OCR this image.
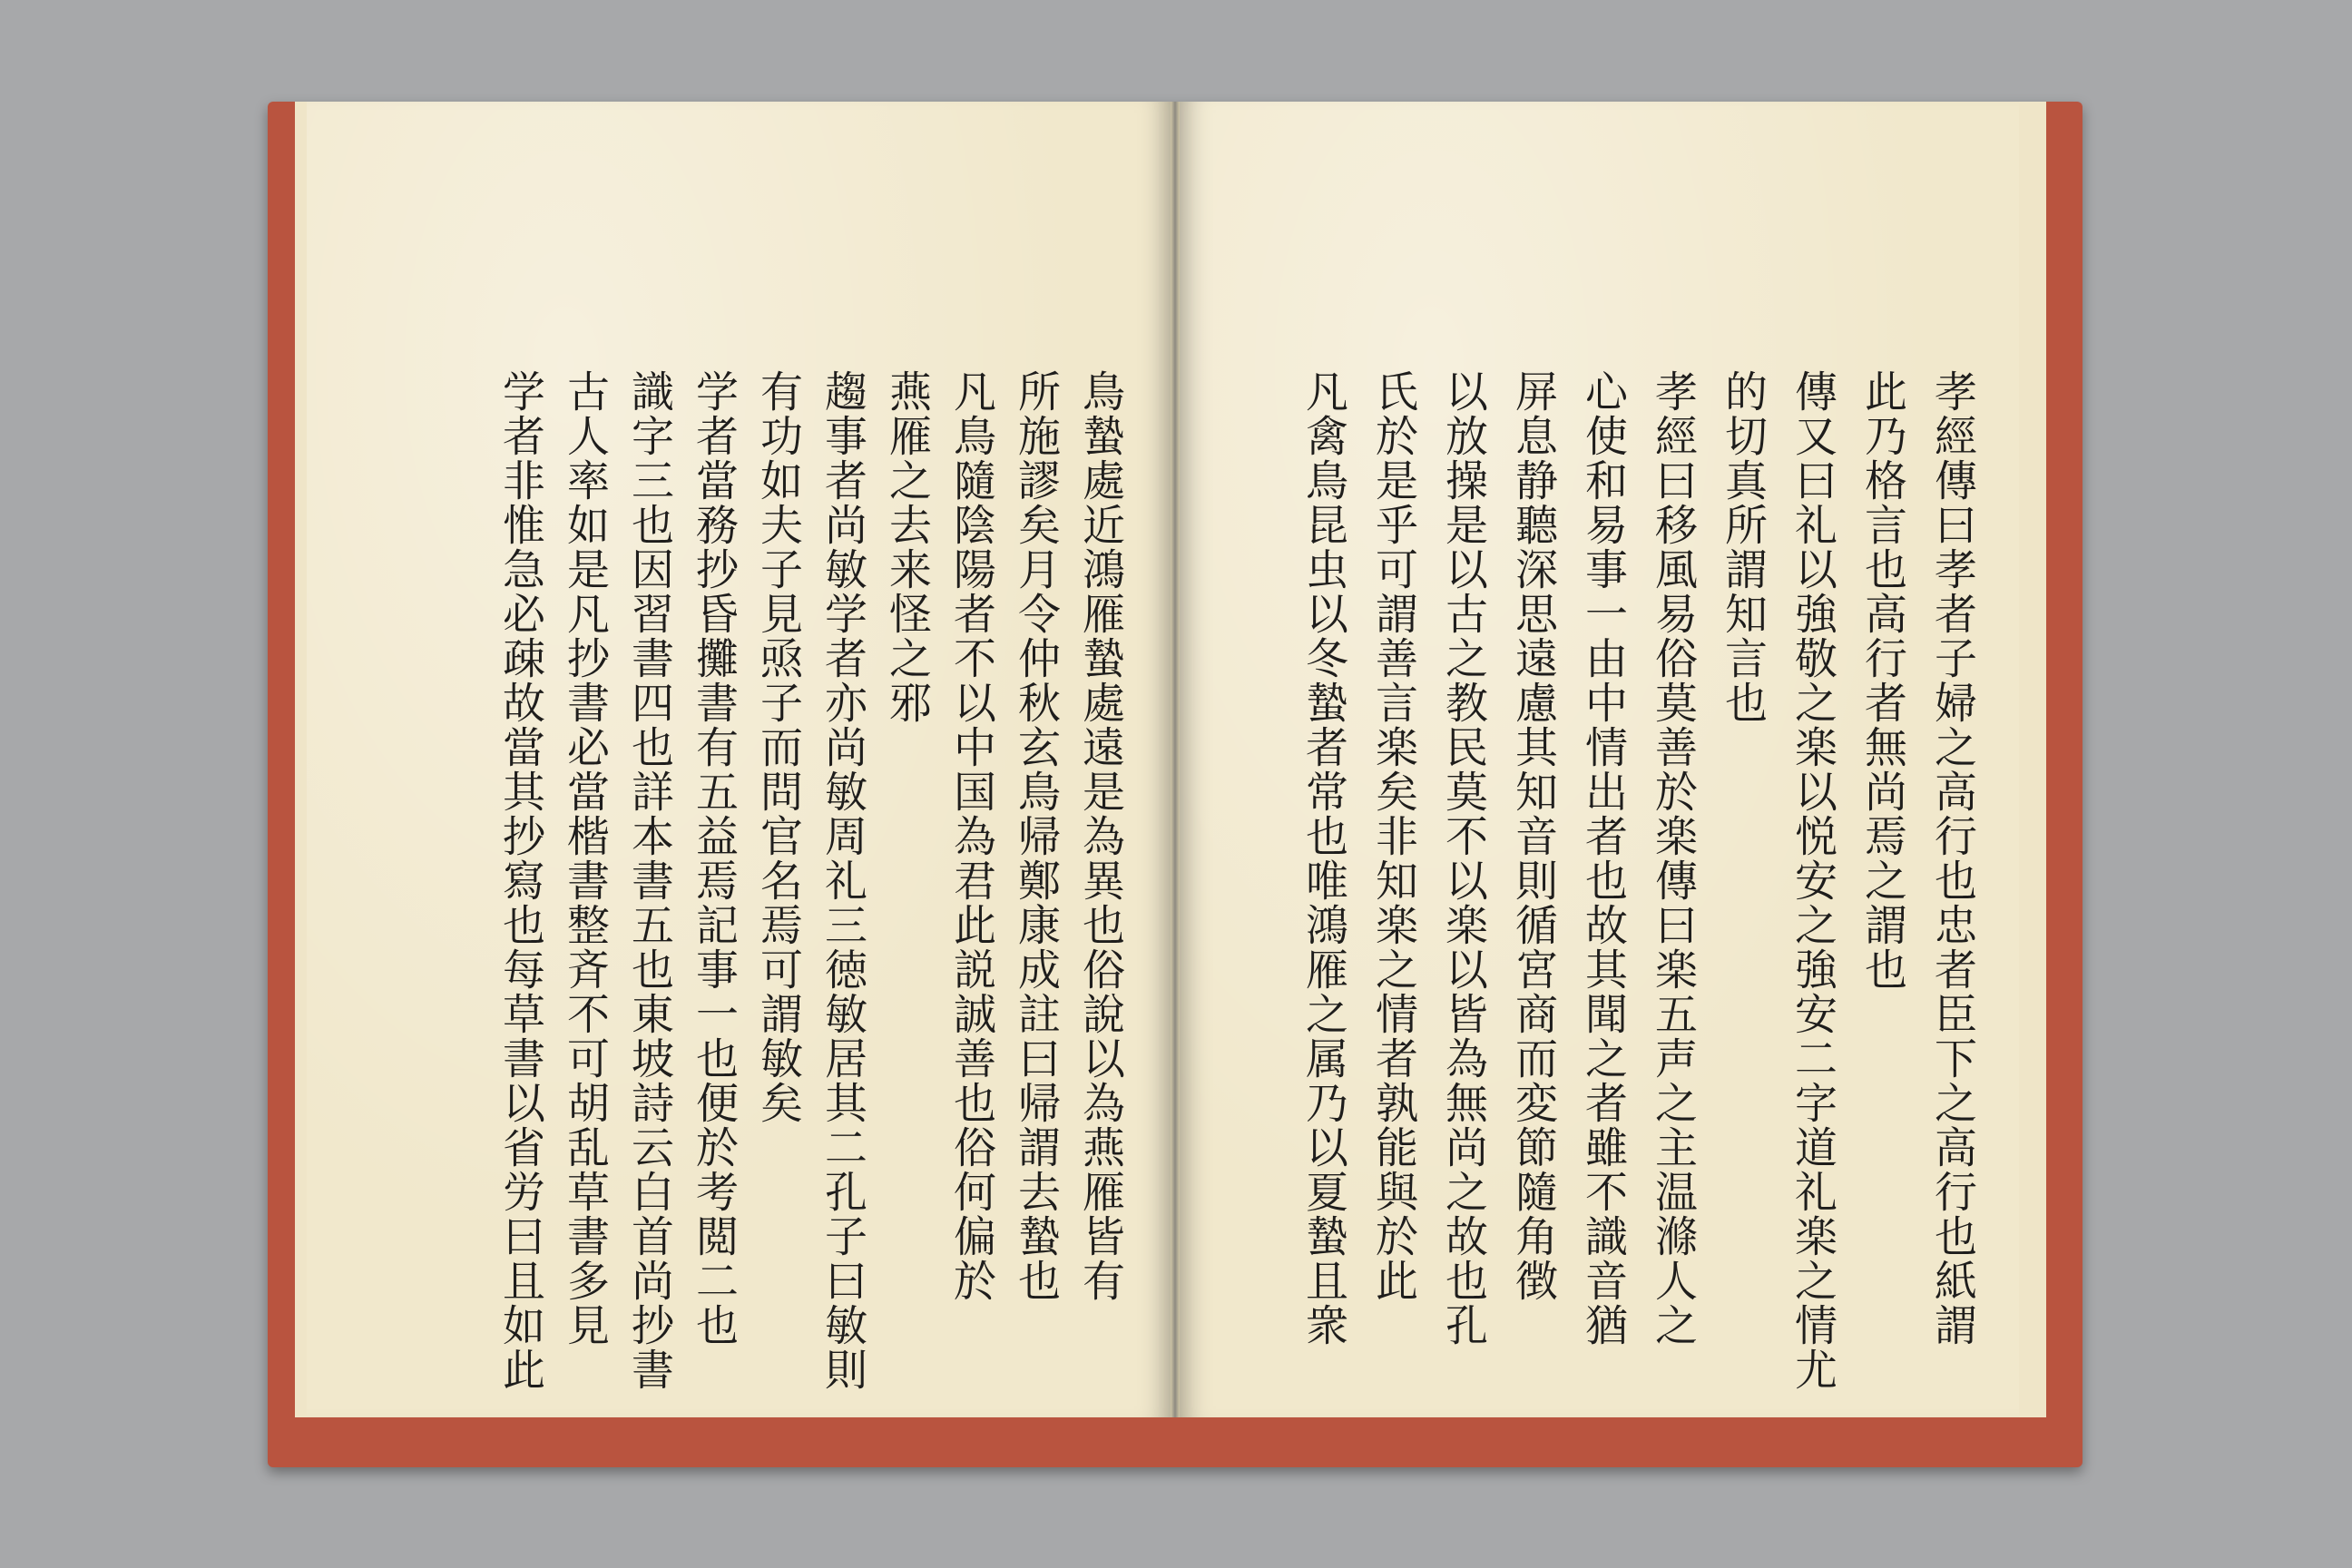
鳥蟄處近鴻雁蟄處遠是為異也俗說以為燕雁皆有
所施謬矣月令仲秋玄鳥帰鄭康成註曰帰謂去蟄也
凡鳥隨陰陽者不以中国為君此説誠善也俗何偏於
燕雁之去来怪之邪
趨事者尚敏学者亦尚敏周礼三徳敏居其二孔子曰敏則
有功如夫子見焏子而問官名焉可謂敏矣
学者當務抄昏攤書有五益焉記事一也便於考閲二也
識字三也因習書四也詳本書五也東坡詩云白首尚抄書
古人率如是凡抄書必當楷書整斉不可胡乱草書多見
学者非惟急必疎故當其抄寫也每草書以省労曰且如此	孝經傳曰孝者子婦之高行也忠者臣下之高行也紙謂
此乃格言也高行者無尚焉之謂也
傳又曰礼以強敬之楽以悦安之強安二字道礼楽之情尤
的切真所謂知言也
孝經曰移風易俗莫善於楽傳曰楽五声之主温滌人之
心使和易事一由中情出者也故其聞之者雖不識音猶
屏息静聽深思遠慮其知音則循宮商而変節隨角徴
以放操是以古之教民莫不以楽以皆為無尚之故也孔
氏於是乎可謂善言楽矣非知楽之情者孰能與於此
凡禽鳥昆虫以冬蟄者常也唯鴻雁之属乃以夏蟄且衆
